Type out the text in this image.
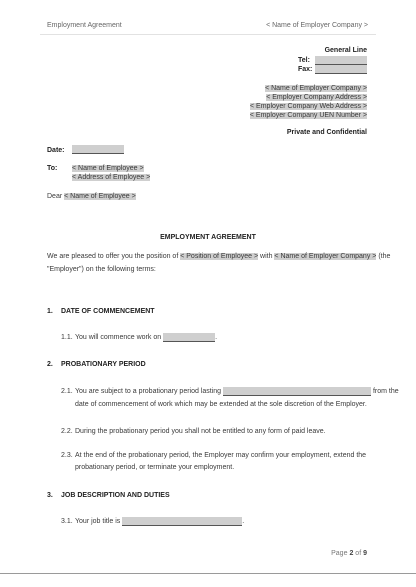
Employment Agreement	< Name of Employer Company >
General Line
Tel:
Fax:
< Name of Employer Company >
< Employer Company Address >
< Employer Company Web Address >
< Employer Company UEN Number >
Private and Confidential
Date:
To: < Name of Employee >
< Address of Employee >
Dear < Name of Employee >
EMPLOYMENT AGREEMENT
We are pleased to offer you the position of < Position of Employee > with < Name of Employer Company > (the
"Employer") on the following terms:
1. DATE OF COMMENCEMENT
1.1. You will commence work on	.
2. PROBATIONARY PERIOD
2.1. You are subject to a probationary period lasting	from the
date of commencement of work which may be extended at the sole discretion of the Employer.
2.2. During the probationary period you shall not be entitled to any form of paid leave.
2.3. At the end of the probationary period, the Employer may confirm your employment, extend the
probationary period, or terminate your employment.
3. JOB DESCRIPTION AND DUTIES
3.1. Your job title is	.
Page 2 of 9
